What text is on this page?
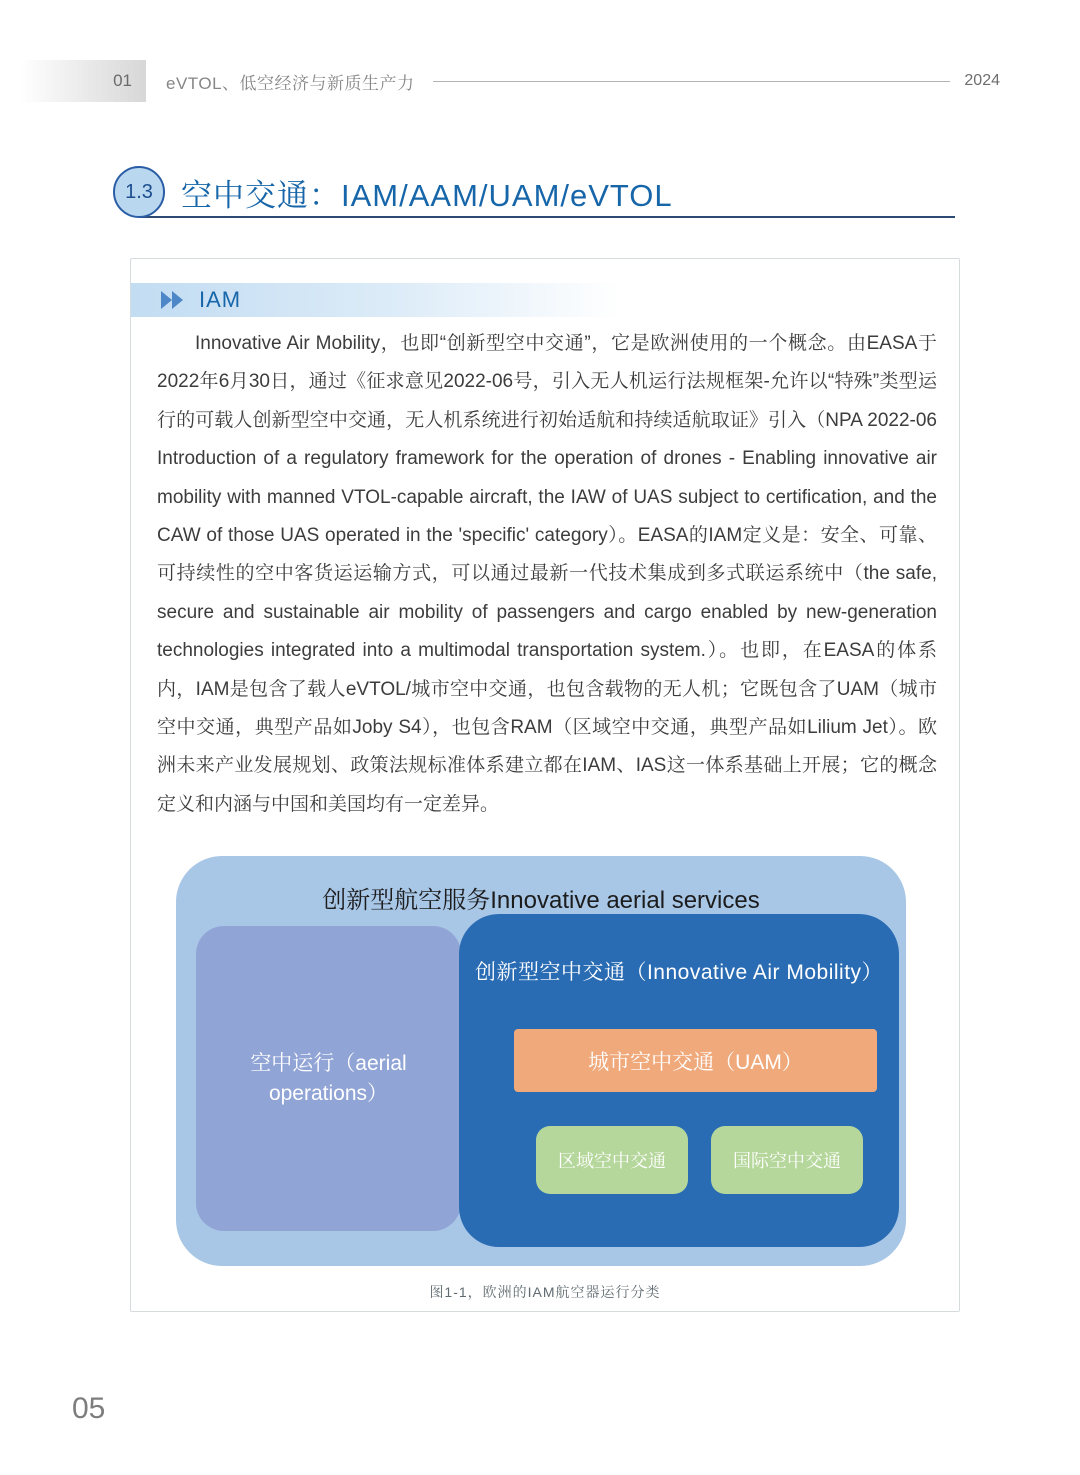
01 eVTOL、低空经济与新质生产力	2024
1.3 空中交通：IAM/AAM/UAM/eVTOL
IAM

Innovative Air Mobility，也即“创新型空中交通”，它是欧洲使用的一个概念。由EASA于2022年6月30日，通过《征求意见2022-06号，引入无人机运行法规框架-允许以“特殊”类型运行的可载人创新型空中交通，无人机系统进行初始适航和持续适航取证》引入（NPA 2022-06 Introduction of a regulatory framework for the operation of drones - Enabling innovative air mobility with manned VTOL-capable aircraft, the IAW of UAS subject to certification, and the CAW of those UAS operated in the 'specific' category）。EASA的IAM定义是：安全、可靠、可持续性的空中客货运运输方式，可以通过最新一代技术集成到多式联运系统中（the safe, secure and sustainable air mobility of passengers and cargo enabled by new-generation technologies integrated into a multimodal transportation system.）。也即，在EASA的体系内，IAM是包含了载人eVTOL/城市空中交通，也包含载物的无人机；它既包含了UAM（城市空中交通，典型产品如Joby S4），也包含RAM（区域空中交通，典型产品如Lilium Jet）。欧洲未来产业发展规划、政策法规标准体系建立都在IAM、IAS这一体系基础上开展；它的概念定义和内涵与中国和美国均有一定差异。

创新型航空服务Innovative aerial services
空中运行（aerial operations）
创新型空中交通（Innovative Air Mobility）
城市空中交通（UAM）
区域空中交通	国际空中交通
图1-1，欧洲的IAM航空器运行分类
05
